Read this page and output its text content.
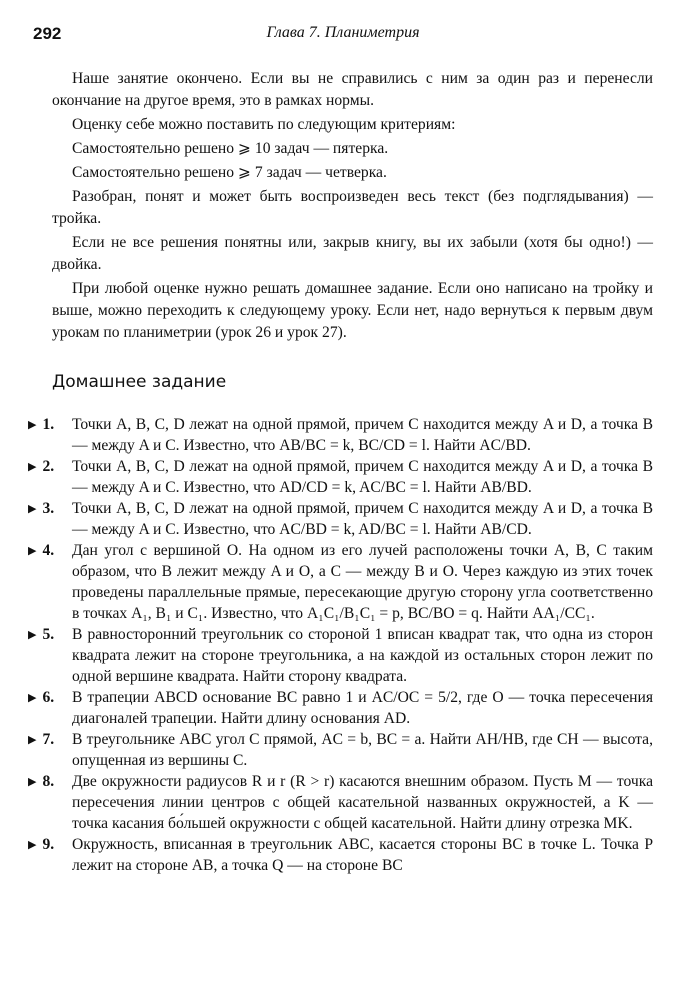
292	Глава 7. Планиметрия

Наше занятие окончено. Если вы не справились с ним за один раз и перенесли окончание на другое время, это в рамках нормы.

Оценку себе можно поставить по следующим критериям:

Самостоятельно решено ⩾ 10 задач — пятерка.

Самостоятельно решено ⩾ 7 задач — четверка.

Разобран, понят и может быть воспроизведен весь текст (без подглядывания) — тройка.

Если не все решения понятны или, закрыв книгу, вы их забыли (хотя бы одно!) — двойка.

При любой оценке нужно решать домашнее задание. Если оно написано на тройку и выше, можно переходить к следующему уроку. Если нет, надо вернуться к первым двум урокам по планиметрии (урок 26 и урок 27).

Домашнее задание
▶ 1.	Точки A, B, C, D лежат на одной прямой, причем C находится между A и D, а точка B — между A и C. Известно, что AB/BC = k, BC/CD = l. Найти AC/BD.
▶ 2.	Точки A, B, C, D лежат на одной прямой, причем C находится между A и D, а точка B — между A и C. Известно, что AD/CD = k, AC/BC = l. Найти AB/BD.
▶ 3.	Точки A, B, C, D лежат на одной прямой, причем C находится между A и D, а точка B — между A и C. Известно, что AC/BD = k, AD/BC = l. Найти AB/CD.
▶ 4.	Дан угол с вершиной O. На одном из его лучей расположены точки A, B, C таким образом, что B лежит между A и O, а C — между B и O. Через каждую из этих точек проведены параллельные прямые, пересекающие другую сторону угла соответственно в точках A₁, B₁ и C₁. Известно, что A₁C₁/B₁C₁ = p, BC/BO = q. Найти AA₁/CC₁.
▶ 5.	В равносторонний треугольник со стороной 1 вписан квадрат так, что одна из сторон квадрата лежит на стороне треугольника, а на каждой из остальных сторон лежит по одной вершине квадрата. Найти сторону квадрата.
▶ 6.	В трапеции ABCD основание BC равно 1 и AC/OC = 5/2, где O — точка пересечения диагоналей трапеции. Найти длину основания AD.
▶ 7.	В треугольнике ABC угол C прямой, AC = b, BC = a. Найти AH/HB, где CH — высота, опущенная из вершины C.
▶ 8.	Две окружности радиусов R и r (R > r) касаются внешним образом. Пусть M — точка пересечения линии центров с общей касательной названных окружностей, а K — точка касания бо́льшей окружности с общей касательной. Найти длину отрезка MK.
▶ 9.	Окружность, вписанная в треугольник ABC, касается стороны BC в точке L. Точка P лежит на стороне AB, а точка Q — на стороне BC
